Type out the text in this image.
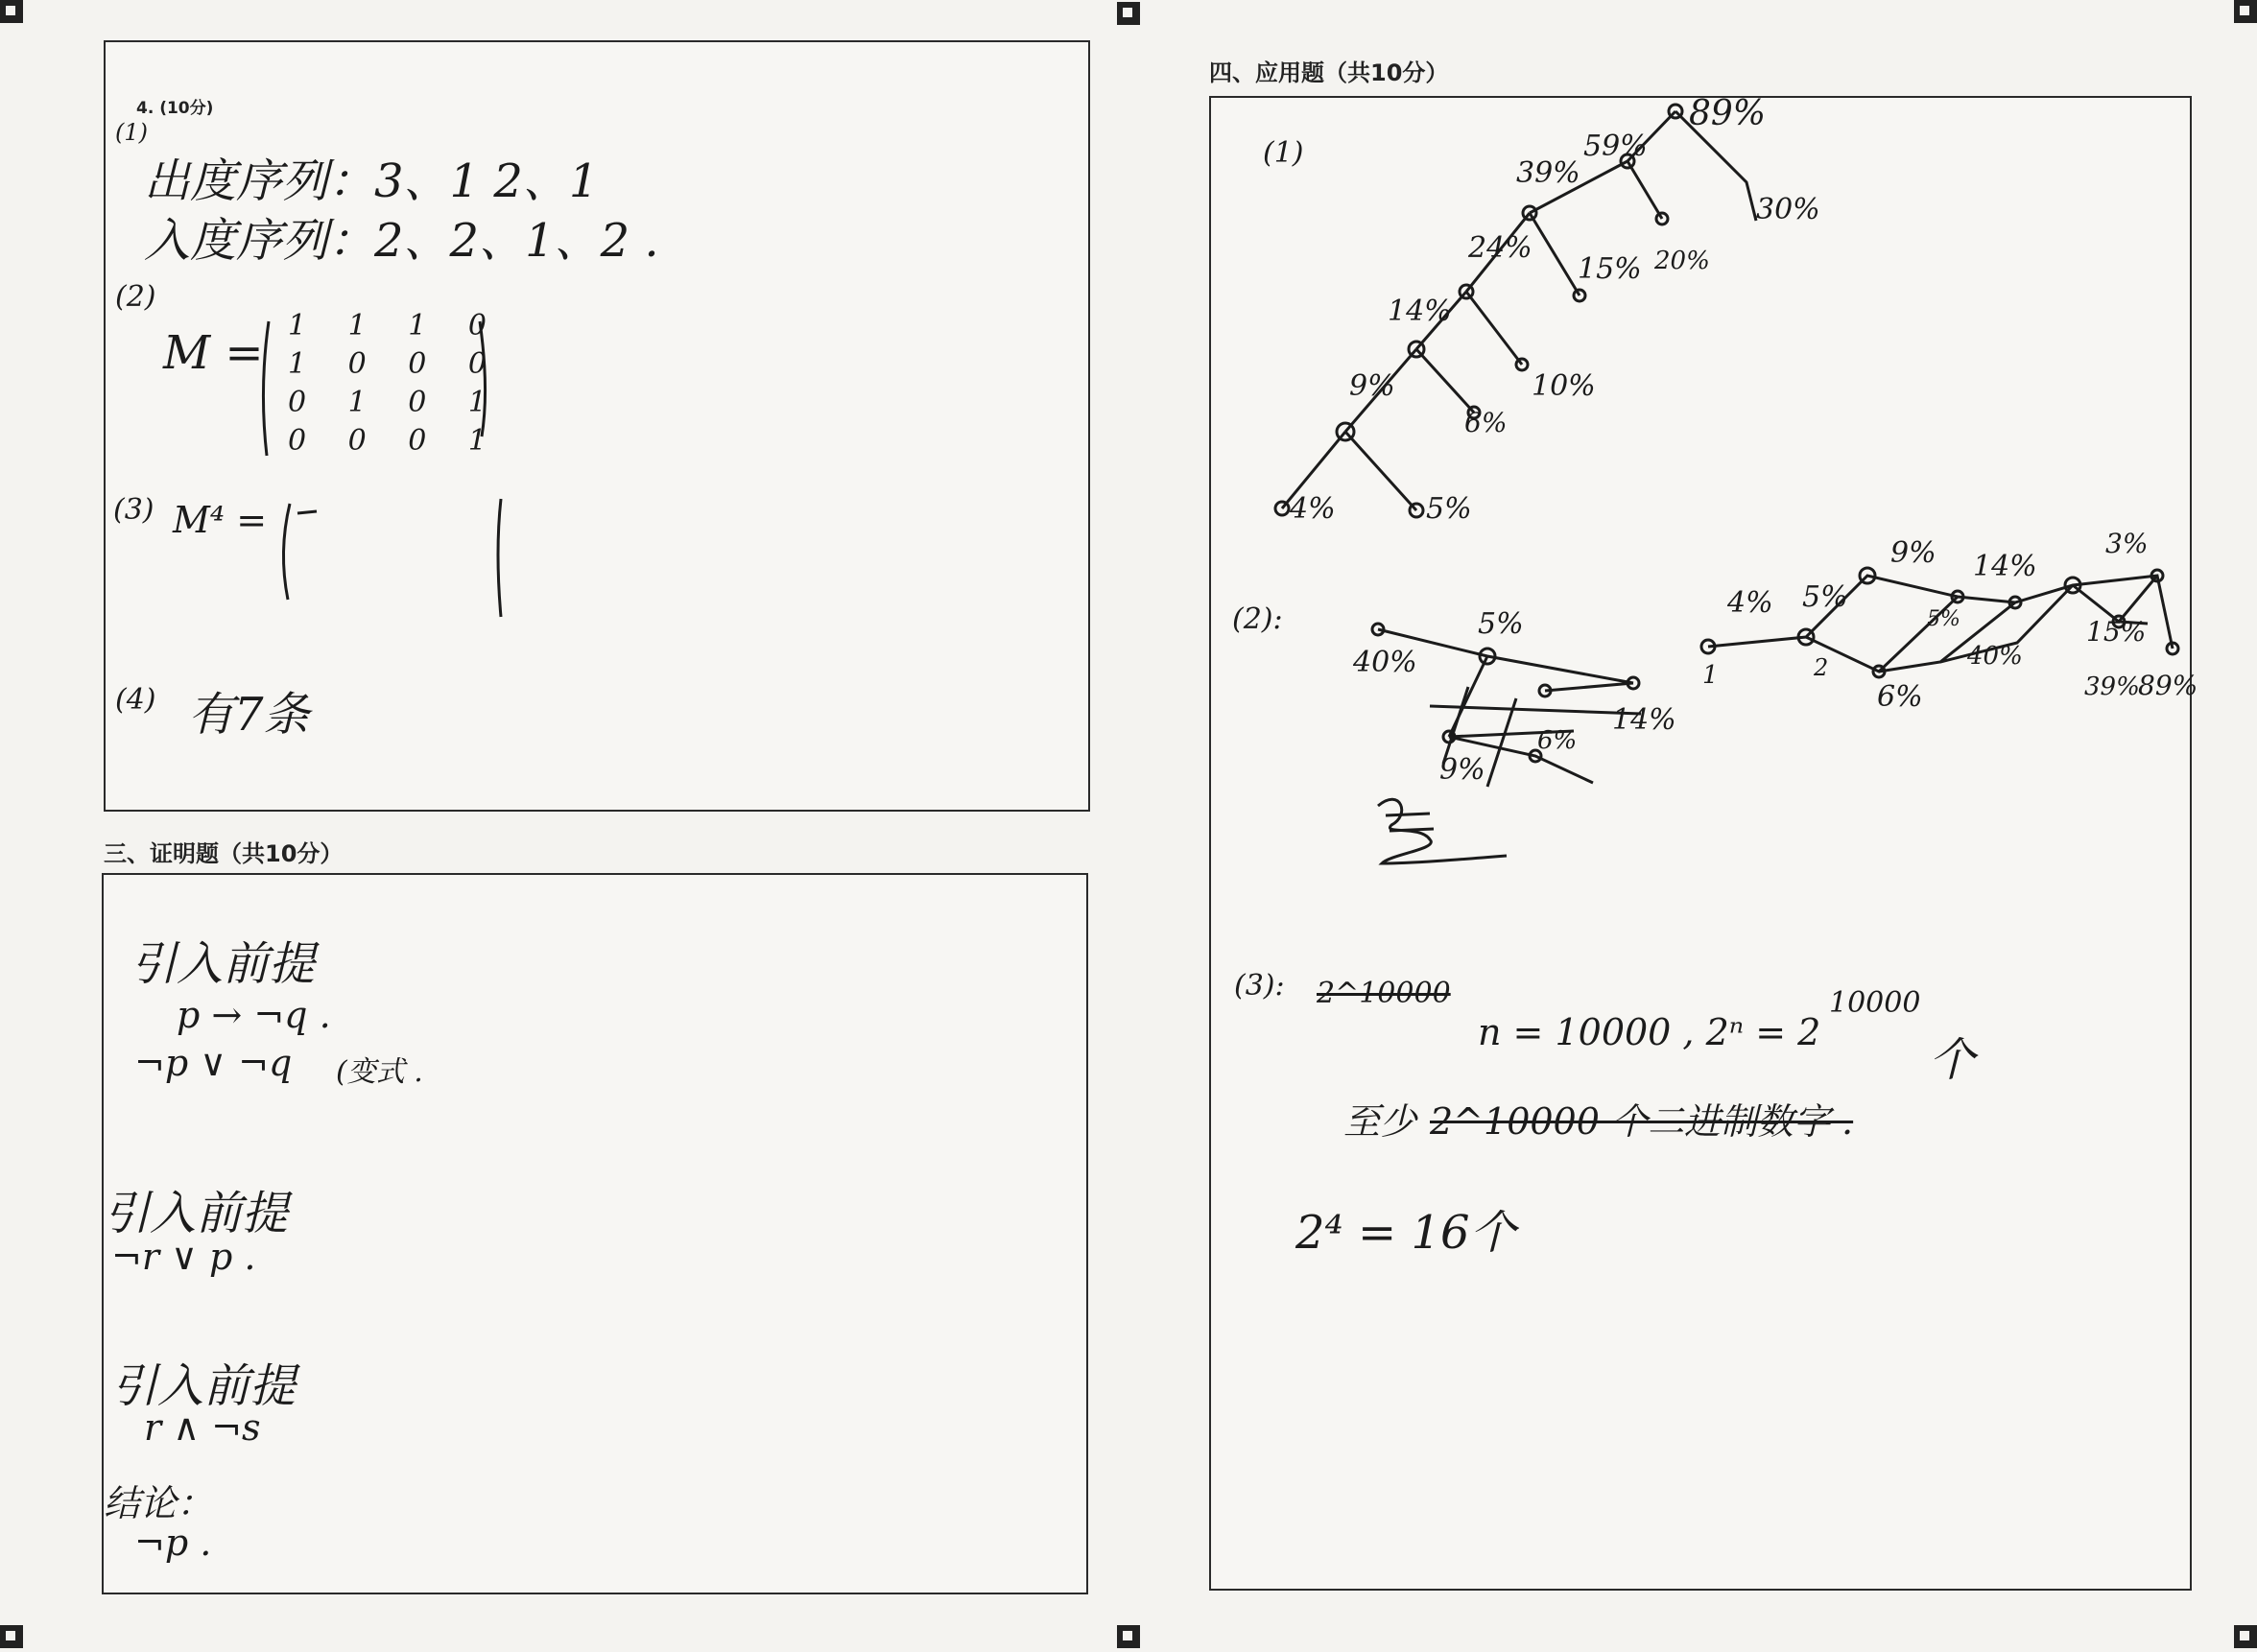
4. (10分)
(1)
出度序列：3、1 2、1
入度序列：2、2、1、2 .
(2)
M =
1 1 1 0
1 0 0 0
0 1 0 1
0 0 0 1
(3) M⁴ =
(4) 有7条
三、证明题（共10分）
引入前提
p → ¬q .
¬p ∨ ¬q (变式 .
引入前提
¬r ∨ p .
引入前提
r ∧ ¬s
结论：
¬p .
四、应用题（共10分）
(1)
89%
59%
39%
30%
24%
15% 20%
14%
10%
9%
6%
4%	5%
(2):	5%
40%
9%
6%
14%
4% 5%
9% 14%
5%	15%
3%
89%
40%
6%	39%
2
1
(3): 2^10000
n = 10000 , 2ⁿ = 2
10000
个
至少 2^10000 个二进制数字 .
2⁴ = 16个
